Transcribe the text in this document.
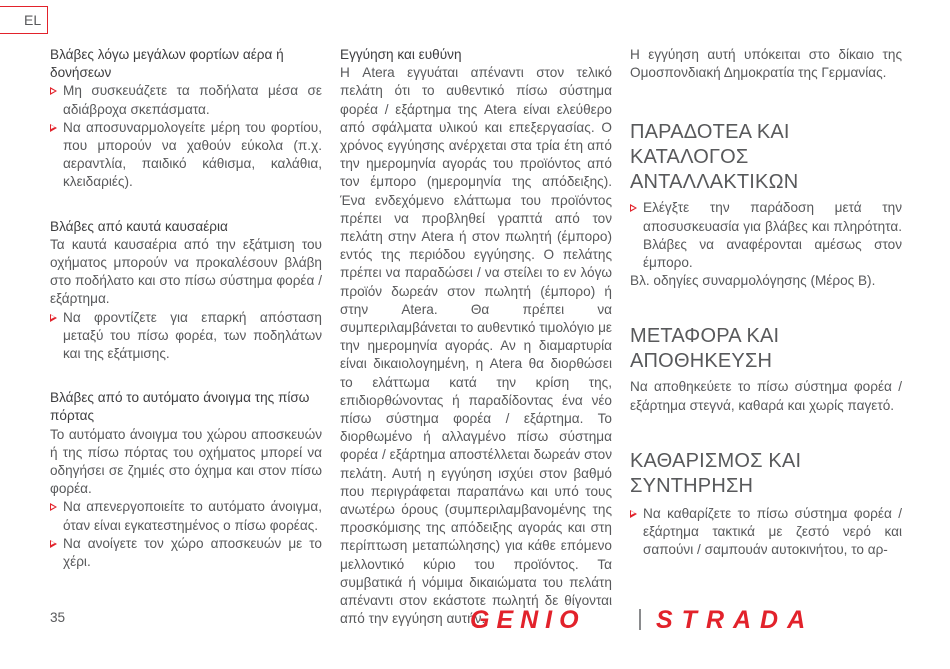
EL
Βλάβες λόγω μεγάλων φορτίων αέρα ή δονήσεων
Μη συσκευάζετε τα ποδήλατα μέσα σε αδιάβροχα σκεπάσματα.
Να αποσυναρμολογείτε μέρη του φορτίου, που μπορούν να χαθούν εύκολα (π.χ. αεραντλία, παιδικό κάθισμα, καλάθια, κλειδαριές).
Βλάβες από καυτά καυσαέρια

Τα καυτά καυσαέρια από την εξάτμιση του οχήματος μπορούν να προκαλέσουν βλάβη στο ποδήλατο και στο πίσω σύστημα φορέα / εξάρτημα.

Να φροντίζετε για επαρκή απόσταση μεταξύ του πίσω φορέα, των ποδηλάτων και της εξάτμισης.
Βλάβες από το αυτόματο άνοιγμα της πίσω πόρτας

Το αυτόματο άνοιγμα του χώρου αποσκευών ή της πίσω πόρτας του οχήματος μπορεί να οδηγήσει σε ζημιές στο όχημα και στον πίσω φορέα.

Να απενεργοποιείτε το αυτόματο άνοιγμα, όταν είναι εγκατεστημένος ο πίσω φορέας.
Να ανοίγετε τον χώρο αποσκευών με το χέρι.
Εγγύηση και ευθύνη

Η Atera εγγυάται απέναντι στον τελικό πελάτη ότι το αυθεντικό πίσω σύστημα φορέα / εξάρτημα της Atera είναι ελεύθερο από σφάλματα υλικού και επεξεργασίας. Ο χρόνος εγγύησης ανέρχεται στα τρία έτη από την ημερομηνία αγοράς του προϊόντος από τον έμπορο (ημερομηνία της απόδειξης). Ένα ενδεχόμενο ελάττωμα του προϊόντος πρέπει να προβληθεί γραπτά από τον πελάτη στην Atera ή στον πωλητή (έμπορο) εντός της περιόδου εγγύησης. Ο πελάτης πρέπει να παραδώσει / να στείλει το εν λόγω προϊόν δωρεάν στον πωλητή (έμπορο) ή στην Atera. Θα πρέπει να συμπεριλαμβάνεται το αυθεντικό τιμολόγιο με την ημερομηνία αγοράς. Αν η διαμαρτυρία είναι δικαιολογημένη, η Atera θα διορθώσει το ελάττωμα κατά την κρίση της, επιδιορθώνοντας ή παραδίδοντας ένα νέο πίσω σύστημα φορέα / εξάρτημα. Το διορθωμένο ή αλλαγμένο πίσω σύστημα φορέα / εξάρτημα αποστέλλεται δωρεάν στον πελάτη. Αυτή η εγγύηση ισχύει στον βαθμό που περιγράφεται παραπάνω και υπό τους ανωτέρω όρους (συμπεριλαμβανομένης της προσκόμισης της απόδειξης αγοράς και στη περίπτωση μεταπώλησης) για κάθε επόμενο μελλοντικό κύριο του προϊόντος. Τα συμβατικά ή νόμιμα δικαιώματα του πελάτη απέναντι στον εκάστοτε πωλητή δε θίγονται από την εγγύηση αυτήν.

Η εγγύηση αυτή υπόκειται στο δίκαιο της Ομοσπονδιακή Δημοκρατία της Γερμανίας.

ΠΑΡΑΔΟΤΕΑ ΚΑΙ ΚΑΤΑΛΟΓΟΣ ΑΝΤΑΛΛΑΚΤΙΚΩΝ
Ελέγξτε την παράδοση μετά την αποσυσκευασία για βλάβες και πληρότητα. Βλάβες να αναφέρονται αμέσως στον έμπορο.

Βλ. οδηγίες συναρμολόγησης (Μέρος B).

ΜΕΤΑΦΟΡΑ ΚΑΙ ΑΠΟΘΗΚΕΥΣΗ

Να αποθηκεύετε το πίσω σύστημα φορέα / εξάρτημα στεγνά, καθαρά και χωρίς παγετό.

ΚΑΘΑΡΙΣΜΟΣ ΚΑΙ ΣΥΝΤΗΡΗΣΗ
Να καθαρίζετε το πίσω σύστημα φορέα / εξάρτημα τακτικά με ζεστό νερό και σαπούνι / σαμπουάν αυτοκινήτου, το αρ-
35	GENIO	STRADA
